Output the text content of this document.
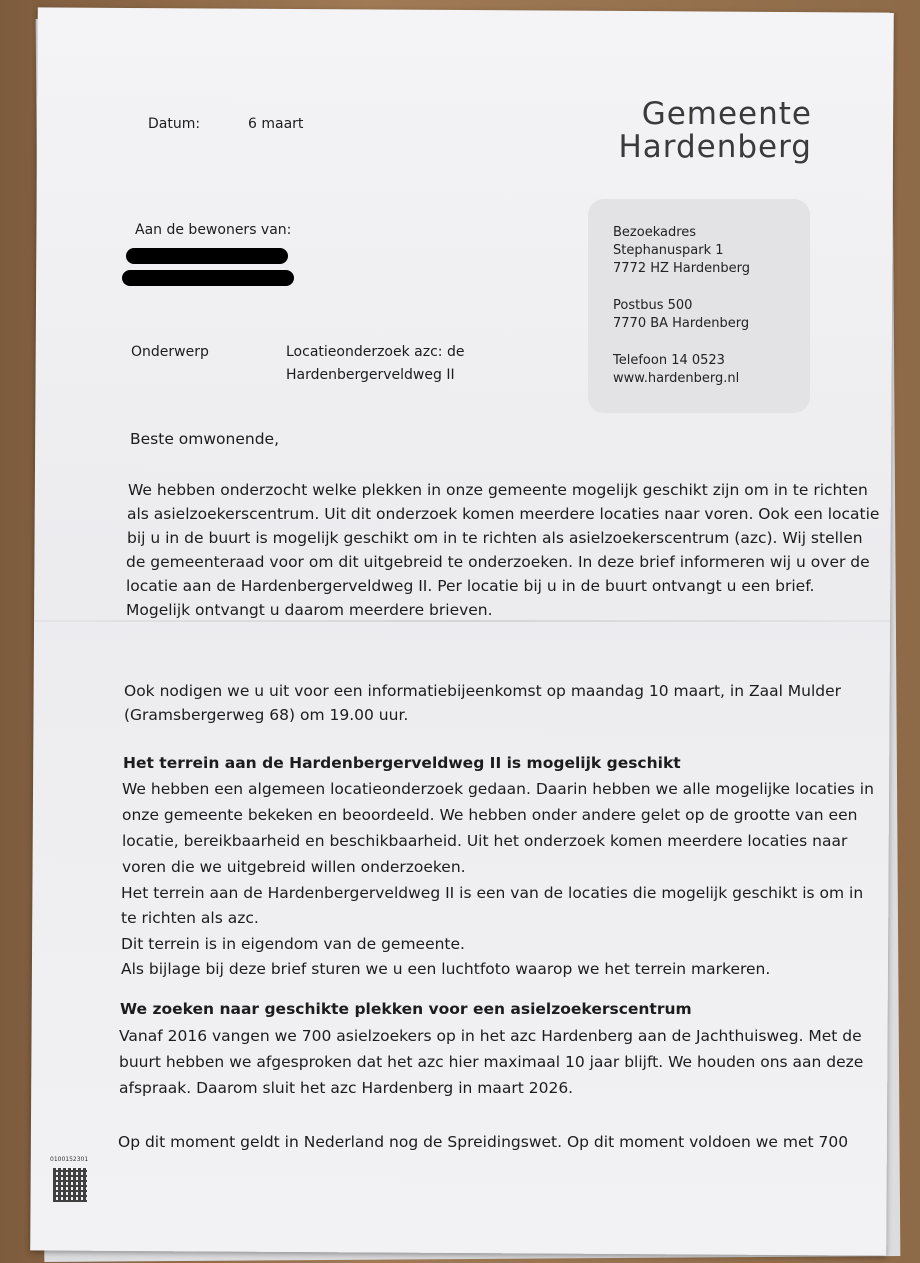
Datum:	6 maart	Gemeente
Hardenberg
Bezoekadres
Stephanuspark 1
7772 HZ Hardenberg
Postbus 500
7770 BA Hardenberg
Telefoon 14 0523
www.hardenberg.nl
Aan de bewoners van:
Onderwerp	Locatieonderzoek azc: de
Hardenbergerveldweg II
Beste omwonende,
We hebben onderzocht welke plekken in onze gemeente mogelijk geschikt zijn om in te richten
als asielzoekerscentrum. Uit dit onderzoek komen meerdere locaties naar voren. Ook een locatie
bij u in de buurt is mogelijk geschikt om in te richten als asielzoekerscentrum (azc). Wij stellen
de gemeenteraad voor om dit uitgebreid te onderzoeken. In deze brief informeren wij u over de
locatie aan de Hardenbergerveldweg II. Per locatie bij u in de buurt ontvangt u een brief.
Mogelijk ontvangt u daarom meerdere brieven.
Ook nodigen we u uit voor een informatiebijeenkomst op maandag 10 maart, in Zaal Mulder
(Gramsbergerweg 68) om 19.00 uur.
Het terrein aan de Hardenbergerveldweg II is mogelijk geschikt
We hebben een algemeen locatieonderzoek gedaan. Daarin hebben we alle mogelijke locaties in
onze gemeente bekeken en beoordeeld. We hebben onder andere gelet op de grootte van een
locatie, bereikbaarheid en beschikbaarheid. Uit het onderzoek komen meerdere locaties naar
voren die we uitgebreid willen onderzoeken.
Het terrein aan de Hardenbergerveldweg II is een van de locaties die mogelijk geschikt is om in
te richten als azc.
Dit terrein is in eigendom van de gemeente.
Als bijlage bij deze brief sturen we u een luchtfoto waarop we het terrein markeren.
We zoeken naar geschikte plekken voor een asielzoekerscentrum
Vanaf 2016 vangen we 700 asielzoekers op in het azc Hardenberg aan de Jachthuisweg. Met de
buurt hebben we afgesproken dat het azc hier maximaal 10 jaar blijft. We houden ons aan deze
afspraak. Daarom sluit het azc Hardenberg in maart 2026.
Op dit moment geldt in Nederland nog de Spreidingswet. Op dit moment voldoen we met 700
0100152301
